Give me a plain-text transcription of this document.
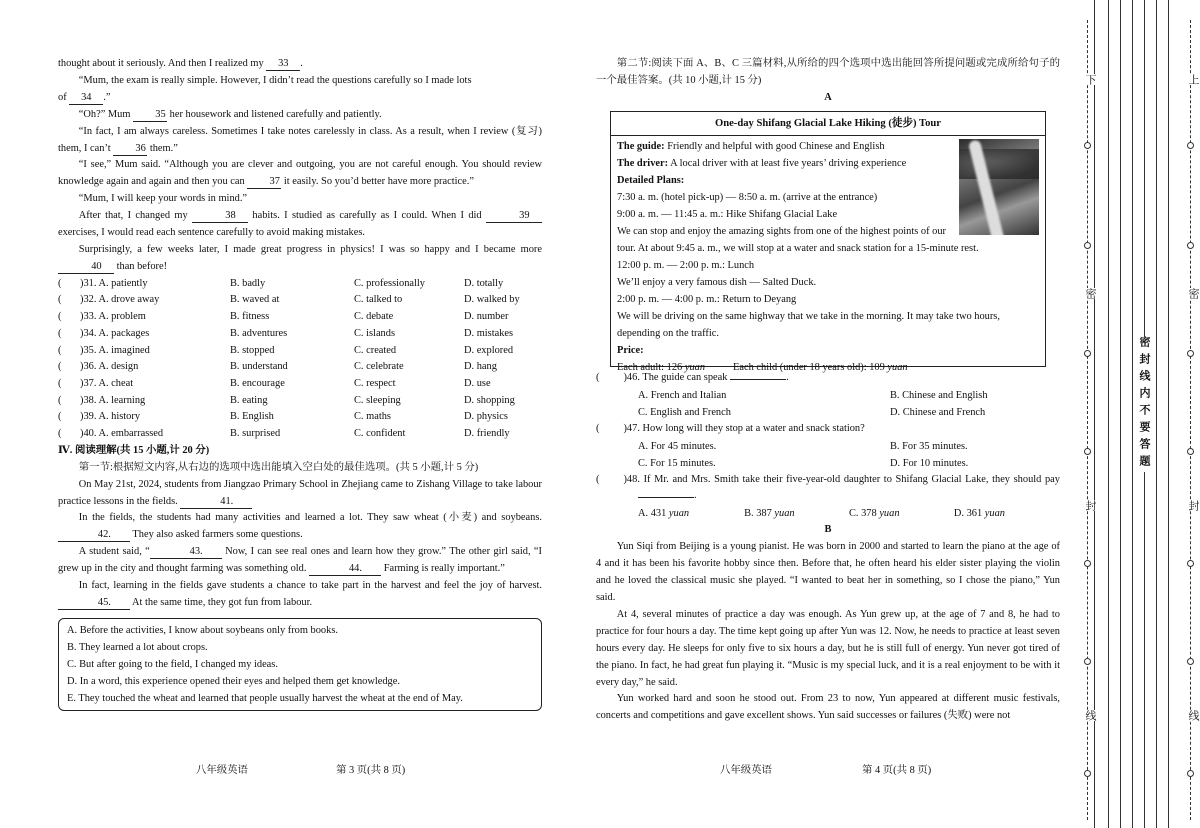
thought about it seriously. And then I realized my 33 .

“Mum, the exam is really simple. However, I didn’t read the questions carefully so I made lots

of 34 .”

“Oh?” Mum 35 her housework and listened carefully and patiently.

“In fact, I am always careless. Sometimes I take notes carelessly in class. As a result, when I review (复习) them, I can’t 36 them.”

“I see,” Mum said. “Although you are clever and outgoing, you are not careful enough. You should review knowledge again and again and then you can 37 it easily. So you’d better have more practice.”

“Mum, I will keep your words in mind.”

After that, I changed my	38 habits. I studied as carefully as I could. When I did	39 exercises, I would read each sentence carefully to avoid making mistakes.

Surprisingly, a few weeks later, I made great progress in physics! I was so happy and I became more 40 than before!

(	)31. A. patiently	B. badly	C. professionally	D. totally
(	)32. A. drove away	B. waved at	C. talked to	D. walked by
(	)33. A. problem	B. fitness	C. debate	D. number
(	)34. A. packages	B. adventures	C. islands	D. mistakes
(	)35. A. imagined	B. stopped	C. created	D. explored
(	)36. A. design	B. understand	C. celebrate	D. hang
(	)37. A. cheat	B. encourage	C. respect	D. use
(	)38. A. learning	B. eating	C. sleeping	D. shopping
(	)39. A. history	B. English	C. maths	D. physics
(	)40. A. embarrassed	B. surprised	C. confident	D. friendly

Ⅳ. 阅读理解(共 15 小题,计 20 分)

第一节:根据短文内容,从右边的选项中选出能填入空白处的最佳选项。(共 5 小题,计 5 分)

On May 21st, 2024, students from Jiangzao Primary School in Zhejiang came to Zishang Village to take labour practice lessons in the fields.	41.

In the fields, the students had many activities and learned a lot. They saw wheat (小麦) and soybeans. 42. They also asked farmers some questions.

A student said, “	43. Now, I can see real ones and learn how they grow.” The other girl said, “I grew up in the city and thought farming was something old.	44. Farming is really important.”

In fact, learning in the fields gave students a chance to take part in the harvest and feel the joy of harvest. 45. At the same time, they got fun from labour.

A. Before the activities, I know about soybeans only from books.

B. They learned a lot about crops.

C. But after going to the field, I changed my ideas.

D. In a word, this experience opened their eyes and helped them get knowledge.

E. They touched the wheat and learned that people usually harvest the wheat at the end of May.

八年级英语	第 3 页(共 8 页)

第二节:阅读下面 A、B、C 三篇材料,从所给的四个选项中选出能回答所提问题或完成所给句子的一个最佳答案。(共 10 小题,计 15 分)

A

One-day Shifang Glacial Lake Hiking (徒步) Tour
The guide: Friendly and helpful with good Chinese and English
The driver: A local driver with at least five years’ driving experience
Detailed Plans:
7:30 a. m. (hotel pick-up) — 8:50 a. m. (arrive at the entrance)
9:00 a. m. — 11:45 a. m.: Hike Shifang Glacial Lake
We can stop and enjoy the amazing sights from one of the highest points of our
tour. At about 9:45 a. m., we will stop at a water and snack station for a 15-minute rest.
12:00 p. m. — 2:00 p. m.: Lunch
We’ll enjoy a very famous dish — Salted Duck.
2:00 p. m. — 4:00 p. m.: Return to Deyang
We will be driving on the same highway that we take in the morning. It may take two hours, depending on the traffic.
Price:
Each adult: 126 yuan	Each child (under 18 years old): 109 yuan

( )46. The guide can speak	.

A. French and Italian	B. Chinese and English
C. English and French	D. Chinese and French

( )47. How long will they stop at a water and snack station?

A. For 45 minutes.	B. For 35 minutes.
C. For 15 minutes.	D. For 10 minutes.

( )48. If Mr. and Mrs. Smith take their five-year-old daughter to Shifang Glacial Lake, they should pay .

A. 431 yuan	B. 387 yuan	C. 378 yuan	D. 361 yuan

B

Yun Siqi from Beijing is a young pianist. He was born in 2000 and started to learn the piano at the age of 4 and it has been his favorite hobby since then. Before that, he often heard his elder sister playing the violin and he loved the classical music she played. “I wanted to beat her in something, so I chose the piano,” Yun said.

At 4, several minutes of practice a day was enough. As Yun grew up, at the age of 7 and 8, he had to practice for four hours a day. The time kept going up after Yun was 12. Now, he needs to practice at least seven hours every day. He sleeps for only five to six hours a day, but he is still full of energy. Yun never got tired of the piano. In fact, he had great fun playing it. “Music is my special luck, and it is a real enjoyment to be with it every day,” he said.

Yun worked hard and soon he stood out. From 23 to now, Yun appeared at different music festivals, concerts and competitions and gave excellent shows. Yun said successes or failures (失败) were not

八年级英语	第 4 页(共 8 页)
下
密
封
线
密封线内不要答题
上
密
封
线
